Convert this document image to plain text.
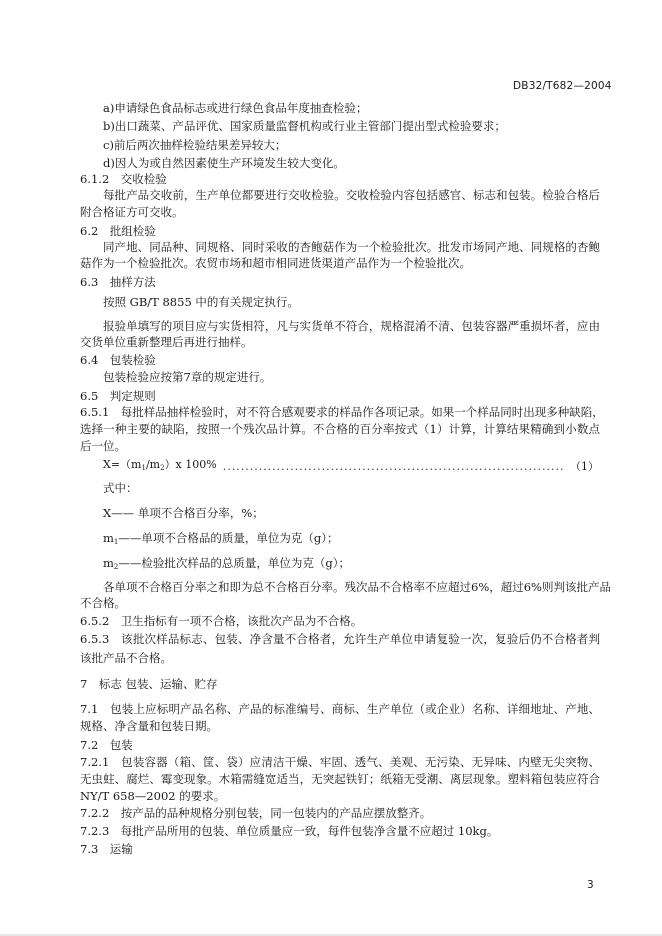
DB32/T682—2004
a)申请绿色食品标志或进行绿色食品年度抽查检验；
b)出口蔬菜、产品评优、国家质量监督机构或行业主管部门提出型式检验要求；
c)前后两次抽样检验结果差异较大；
d)因人为或自然因素使生产环境发生较大变化。
6.1.2　交收检验
每批产品交收前，生产单位都要进行交收检验。交收检验内容包括感官、标志和包装。检验合格后
附合格证方可交收。
6.2　批组检验
同产地、同品种、同规格、同时采收的杏鲍菇作为一个检验批次。批发市场同产地、同规格的杏鲍
菇作为一个检验批次。农贸市场和超市相同进货渠道产品作为一个检验批次。
6.3　抽样方法
按照 GB/T 8855 中的有关规定执行。
报验单填写的项目应与实货相符，凡与实货单不符合，规格混淆不清、包装容器严重损坏者，应由
交货单位重新整理后再进行抽样。
6.4　包装检验
包装检验应按第7章的规定进行。
6.5　判定规则
6.5.1　每批样品抽样检验时，对不符合感观要求的样品作各项记录。如果一个样品同时出现多种缺陷，
选择一种主要的缺陷，按照一个残次品计算。不合格的百分率按式（1）计算，计算结果精确到小数点
后一位。
$X=(m_1/m_2)x$ 100%
.....	（1）
式中：
X—— 单项不合格百分率，%；
$m_1——$单项不合格品的质量，单位为克（g）；
$m_2——$检验批次样品的总质量，单位为克（g）；
各单项不合格百分率之和即为总不合格百分率。残次品不合格率不应超过6%，超过6%则判该批产品
不合格。
6.5.2　卫生指标有一项不合格，该批次产品为不合格。
6.5.3　该批次样品标志、包装、净含量不合格者，允许生产单位申请复验一次，复验后仍不合格者判
该批产品不合格。
7　标志 包装、运输、贮存
7.1　包装上应标明产品名称、产品的标准编号、商标、生产单位（或企业）名称、详细地址、产地、
规格、净含量和包装日期。
7.2　包装
7.2.1　包装容器（箱、筐、袋）应清洁干燥、牢固、透气、美观、无污染、无异味、内壁无尖突物、
无虫蛀、腐烂、霉变现象。木箱需缝宽适当，无突起铁钉；纸箱无受潮、离层现象。塑料箱包装应符合
NY/T 658—2002 的要求。
7.2.2　按产品的品种规格分别包装，同一包装内的产品应摆放整齐。
7.2.3　每批产品所用的包装、单位质量应一致，每件包装净含量不应超过 10kg。
7.3　运输
3
